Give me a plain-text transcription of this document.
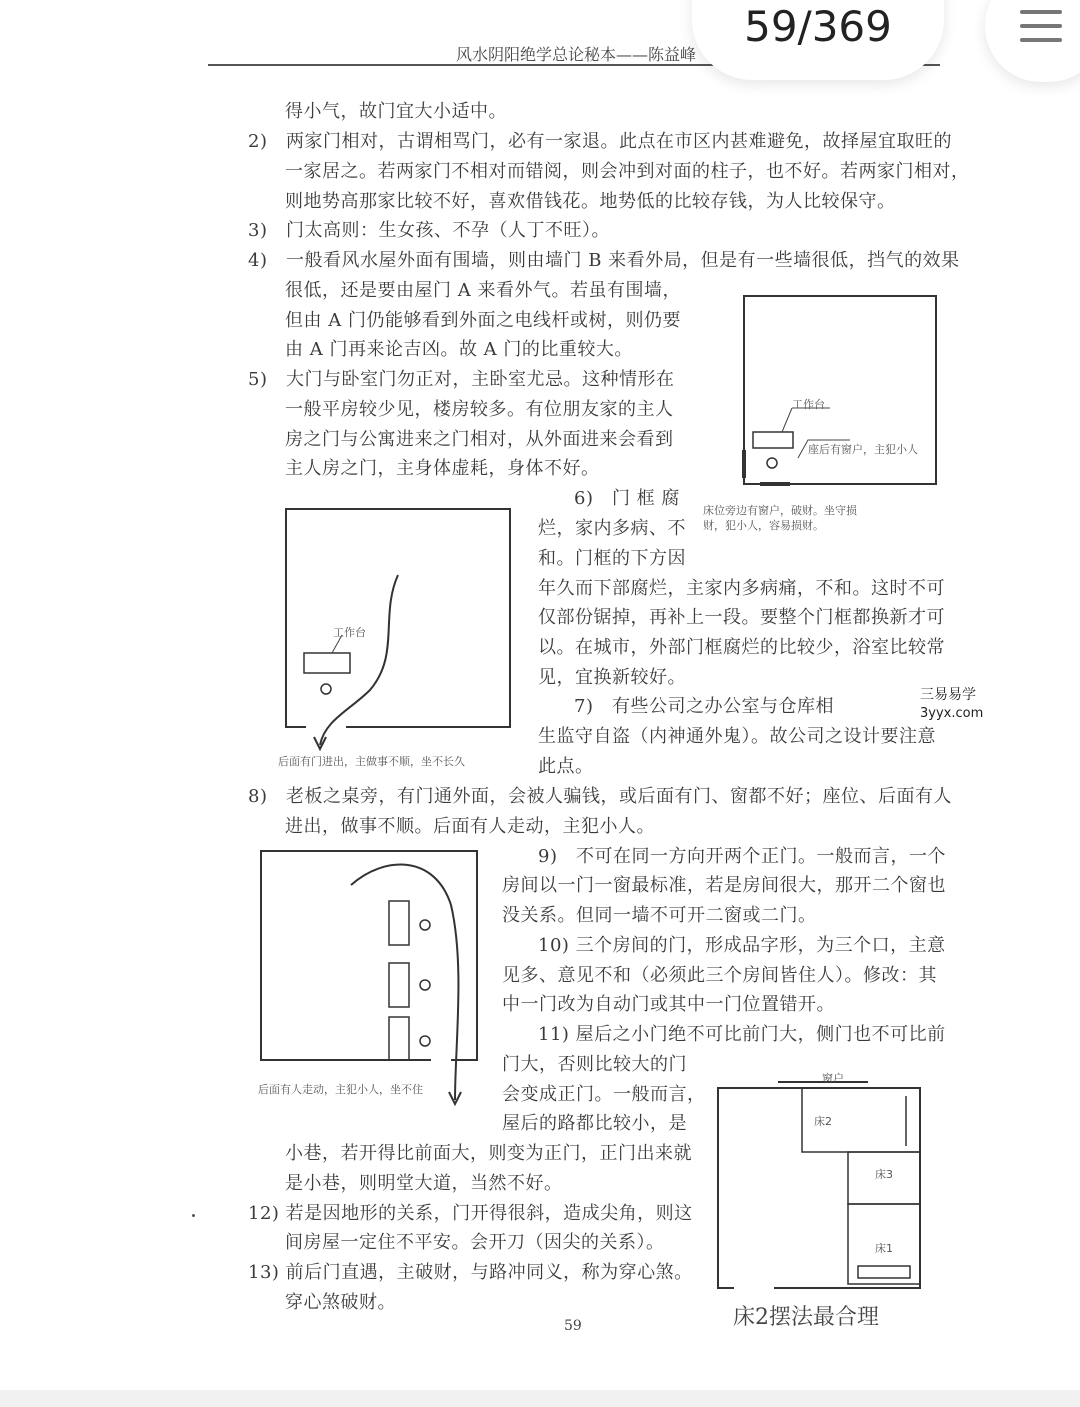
风水阴阳绝学总论秘本——陈益峰
59/369
得小气，故门宜大小适中。
2)　两家门相对，古谓相骂门，必有一家退。此点在市区内甚难避免，故择屋宜取旺的
一家居之。若两家门不相对而错阅，则会冲到对面的柱子，也不好。若两家门相对，
则地势高那家比较不好，喜欢借钱花。地势低的比较存钱，为人比较保守。
3)　门太高则：生女孩、不孕（人丁不旺）。
4)　一般看风水屋外面有围墙，则由墙门 B 来看外局，但是有一些墙很低，挡气的效果
很低，还是要由屋门 A 来看外气。若虽有围墙，
但由 A 门仍能够看到外面之电线杆或树，则仍要
由 A 门再来论吉凶。故 A 门的比重较大。
5)　大门与卧室门勿正对，主卧室尤忌。这种情形在
一般平房较少见，楼房较多。有位朋友家的主人
房之门与公寓进来之门相对，从外面进来会看到
主人房之门，主身体虚耗，身体不好。
6)　门 框 腐
烂，家内多病、不
和。门框的下方因
年久而下部腐烂，主家内多病痛，不和。这时不可
仅部份锯掉，再补上一段。要整个门框都换新才可
以。在城市，外部门框腐烂的比较少，浴室比较常
见，宜换新较好。
7)　有些公司之办公室与仓库相
生监守自盗（内神通外鬼）。故公司之设计要注意
此点。
8)　老板之桌旁，有门通外面，会被人骗钱，或后面有门、窗都不好；座位、后面有人
进出，做事不顺。后面有人走动，主犯小人。
9)　不可在同一方向开两个正门。一般而言，一个
房间以一门一窗最标准，若是房间很大，那开二个窗也
没关系。但同一墙不可开二窗或二门。
10) 三个房间的门，形成品字形，为三个口，主意
见多、意见不和（必须此三个房间皆住人）。修改：其
中一门改为自动门或其中一门位置错开。
11) 屋后之小门绝不可比前门大，侧门也不可比前
门大，否则比较大的门
会变成正门。一般而言，
屋后的路都比较小，是
小巷，若开得比前面大，则变为正门，正门出来就
是小巷，则明堂大道，当然不好。
12) 若是因地形的关系，门开得很斜，造成尖角，则这
间房屋一定住不平安。会开刀（因尖的关系）。
13) 前后门直遇，主破财，与路冲同义，称为穿心煞。
穿心煞破财。
工作台
座后有窗户，主犯小人
床位旁边有窗户，破财。坐守损财，犯小人，容易损财。
工作台
后面有门进出，主做事不顺，坐不长久
后面有人走动，主犯小人，坐不住
窗户
床2
床3
床1
床2摆法最合理
三易易学
3yyx.com
59
